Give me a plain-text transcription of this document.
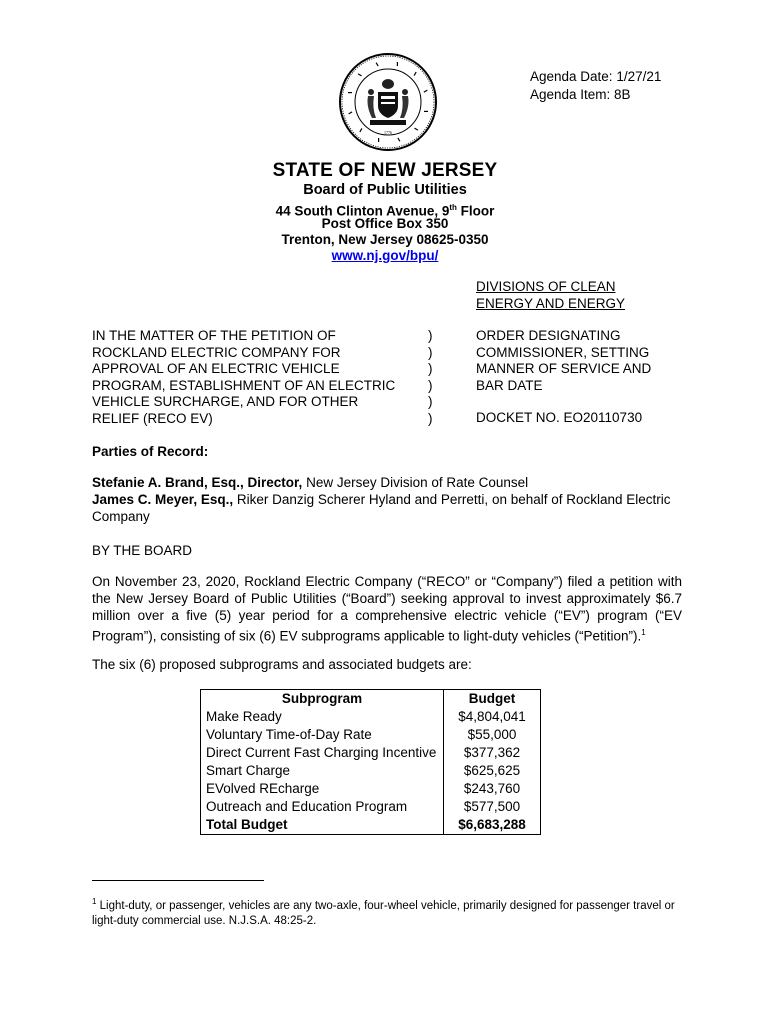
1776
Agenda Date: 1/27/21
Agenda Item: 8B
STATE OF NEW JERSEY
Board of Public Utilities
44 South Clinton Avenue, 9th Floor
Post Office Box 350
Trenton, New Jersey 08625-0350
www.nj.gov/bpu/
DIVISIONS OF CLEAN
ENERGY AND ENERGY
IN THE MATTER OF THE PETITION OF
ROCKLAND ELECTRIC COMPANY FOR
APPROVAL OF AN ELECTRIC VEHICLE
PROGRAM, ESTABLISHMENT OF AN ELECTRIC
VEHICLE SURCHARGE, AND FOR OTHER
RELIEF (RECO EV)
)
)
)
)
)
)
ORDER DESIGNATING
COMMISSIONER, SETTING
MANNER OF SERVICE AND
BAR DATE
DOCKET NO. EO20110730
Parties of Record:
Stefanie A. Brand, Esq., Director, New Jersey Division of Rate Counsel
James C. Meyer, Esq., Riker Danzig Scherer Hyland and Perretti, on behalf of Rockland Electric Company
BY THE BOARD
On November 23, 2020, Rockland Electric Company (“RECO” or “Company”) filed a petition with the New Jersey Board of Public Utilities (“Board”) seeking approval to invest approximately $6.7 million over a five (5) year period for a comprehensive electric vehicle (“EV”) program (“EV Program”), consisting of six (6) EV subprograms applicable to light-duty vehicles (“Petition”).$^1$
The six (6) proposed subprograms and associated budgets are:
Subprogram	Budget
Make Ready	$4,804,041
Voluntary Time-of-Day Rate	$55,000
Direct Current Fast Charging Incentive	$377,362
Smart Charge	$625,625
EVolved REcharge	$243,760
Outreach and Education Program	$577,500
Total Budget	$6,683,288
$^1$ Light-duty, or passenger, vehicles are any two-axle, four-wheel vehicle, primarily designed for passenger travel or light-duty commercial use. N.J.S.A. 48:25-2.
